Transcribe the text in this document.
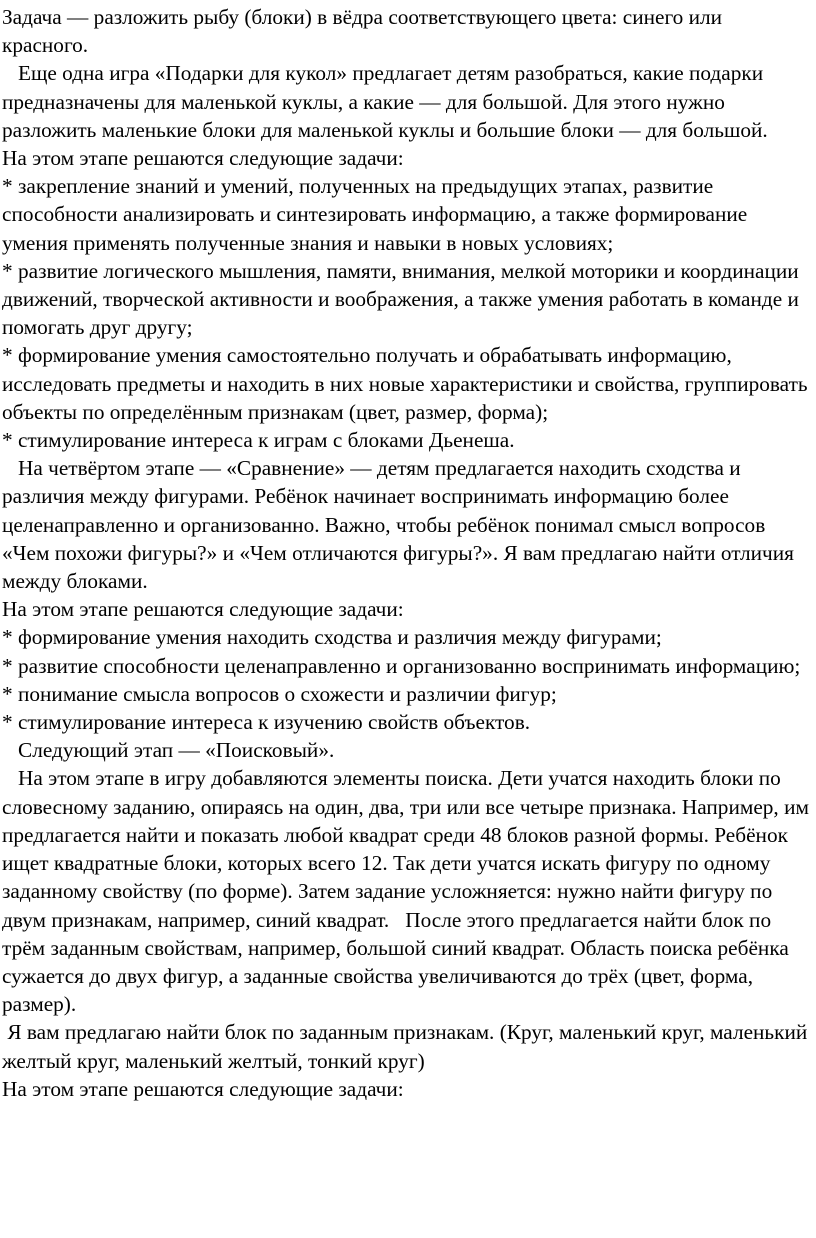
Задача — разложить рыбу (блоки) в вёдра соответствующего цвета: синего или красного.

Еще одна игра «Подарки для кукол» предлагает детям разобраться, какие подарки предназначены для маленькой куклы, а какие — для большой. Для этого нужно разложить маленькие блоки для маленькой куклы и большие блоки — для большой.

На этом этапе решаются следующие задачи:

* закрепление знаний и умений, полученных на предыдущих этапах, развитие способности анализировать и синтезировать информацию, а также формирование умения применять полученные знания и навыки в новых условиях;

* развитие логического мышления, памяти, внимания, мелкой моторики и координации движений, творческой активности и воображения, а также умения работать в команде и помогать друг другу;

* формирование умения самостоятельно получать и обрабатывать информацию, исследовать предметы и находить в них новые характеристики и свойства, группировать объекты по определённым признакам (цвет, размер, форма);

* стимулирование интереса к играм с блоками Дьенеша.

На четвёртом этапе — «Сравнение» — детям предлагается находить сходства и различия между фигурами. Ребёнок начинает воспринимать информацию более целенаправленно и организованно. Важно, чтобы ребёнок понимал смысл вопросов «Чем похожи фигуры?» и «Чем отличаются фигуры?». Я вам предлагаю найти отличия между блоками.

На этом этапе решаются следующие задачи:

* формирование умения находить сходства и различия между фигурами;

* развитие способности целенаправленно и организованно воспринимать информацию;

* понимание смысла вопросов о схожести и различии фигур;

* стимулирование интереса к изучению свойств объектов.

Следующий этап — «Поисковый».

На этом этапе в игру добавляются элементы поиска. Дети учатся находить блоки по словесному заданию, опираясь на один, два, три или все четыре признака. Например, им предлагается найти и показать любой квадрат среди 48 блоков разной формы. Ребёнок ищет квадратные блоки, которых всего 12. Так дети учатся искать фигуру по одному заданному свойству (по форме). Затем задание усложняется: нужно найти фигуру по двум признакам, например, синий квадрат.   После этого предлагается найти блок по трём заданным свойствам, например, большой синий квадрат. Область поиска ребёнка сужается до двух фигур, а заданные свойства увеличиваются до трёх (цвет, форма, размер).

Я вам предлагаю найти блок по заданным признакам. (Круг, маленький круг, маленький желтый круг, маленький желтый, тонкий круг)

На этом этапе решаются следующие задачи:
